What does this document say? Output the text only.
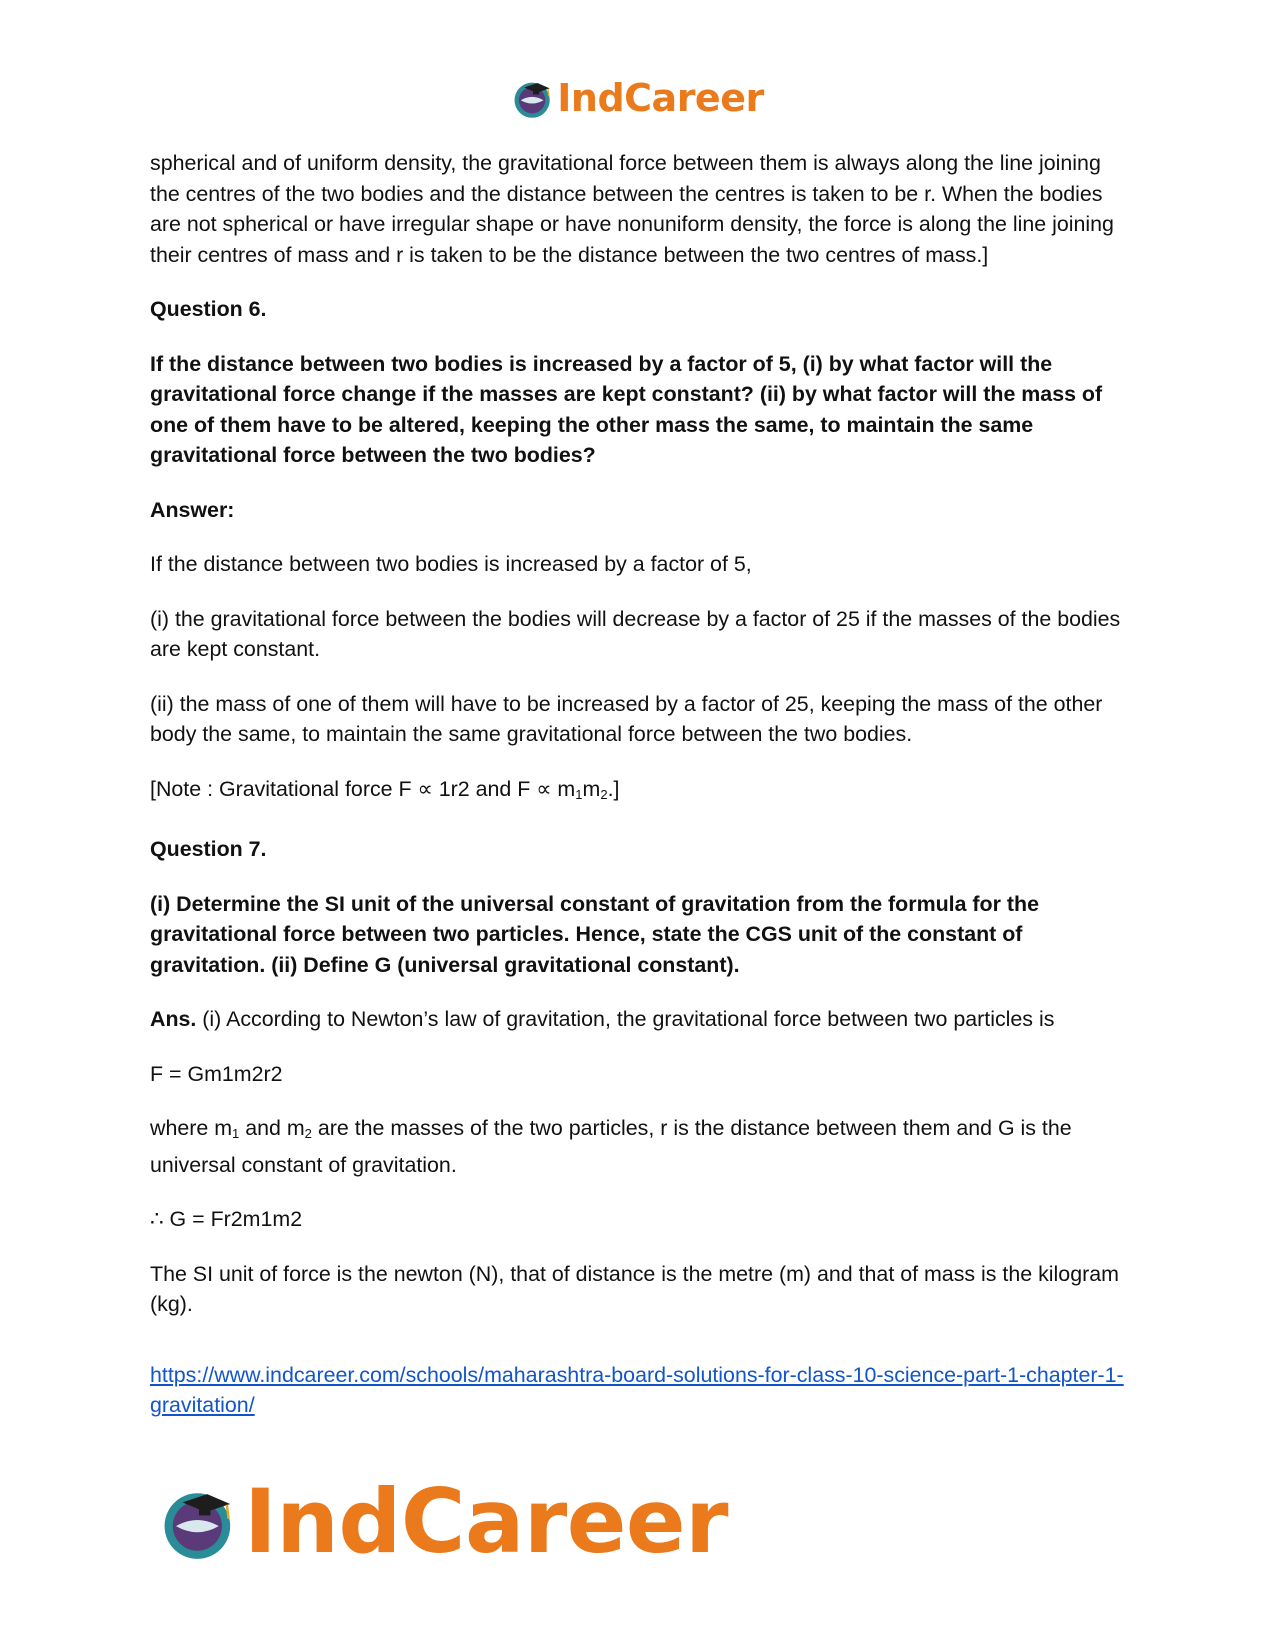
IndCareer

spherical and of uniform density, the gravitational force between them is always along the line joining the centres of the two bodies and the distance between the centres is taken to be r. When the bodies are not spherical or have irregular shape or have nonuniform density, the force is along the line joining their centres of mass and r is taken to be the distance between the two centres of mass.]

Question 6.

If the distance between two bodies is increased by a factor of 5, (i) by what factor will the gravitational force change if the masses are kept constant? (ii) by what factor will the mass of one of them have to be altered, keeping the other mass the same, to maintain the same gravitational force between the two bodies?

Answer:

If the distance between two bodies is increased by a factor of 5,

(i) the gravitational force between the bodies will decrease by a factor of 25 if the masses of the bodies are kept constant.

(ii) the mass of one of them will have to be increased by a factor of 25, keeping the mass of the other body the same, to maintain the same gravitational force between the two bodies.

[Note : Gravitational force F ∝ 1r2 and $F \propto m_1m_2$.]

Question 7.

(i) Determine the SI unit of the universal constant of gravitation from the formula for the gravitational force between two particles. Hence, state the CGS unit of the constant of gravitation. (ii) Define G (universal gravitational constant).

Ans. (i) According to Newton’s law of gravitation, the gravitational force between two particles is

F = Gm1m2r2

where $m_1$ and $m_2$ are the masses of the two particles, r is the distance between them and G is the universal constant of gravitation.

∴ G = Fr2m1m2

The SI unit of force is the newton (N), that of distance is the metre (m) and that of mass is the kilogram (kg).

https://www.indcareer.com/schools/maharashtra-board-solutions-for-class-10-science-part-1-chapter-1-gravitation/
IndCareer
